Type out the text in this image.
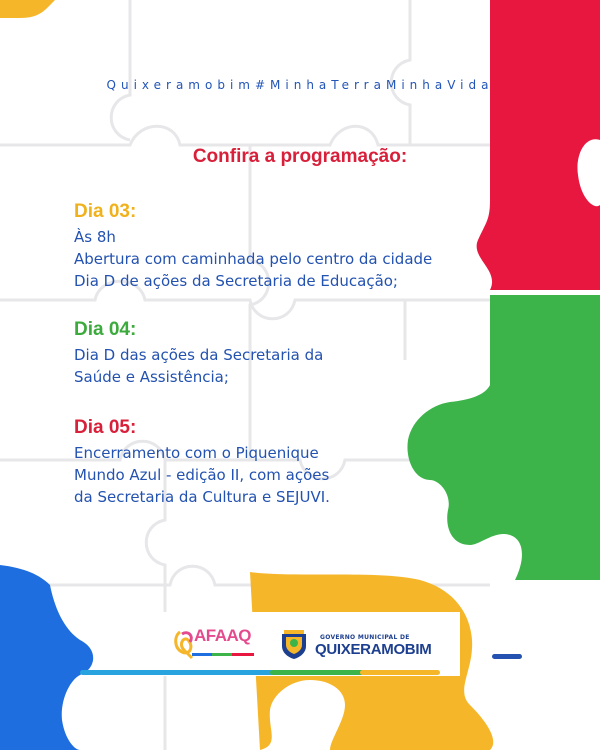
Quixeramobim#MinhaTerraMinhaVida
Confira a programação:
Dia 03:
Às 8h
Abertura com caminhada pelo centro da cidade
Dia D de ações da Secretaria de Educação;
Dia 04:
Dia D das ações da Secretaria da
Saúde e Assistência;
Dia 05:
Encerramento com o Piquenique
Mundo Azul - edição II, com ações
da Secretaria da Cultura e SEJUVI.
AFAAQ	GOVERNO MUNICIPAL DE
QUIXERAMOBIM
